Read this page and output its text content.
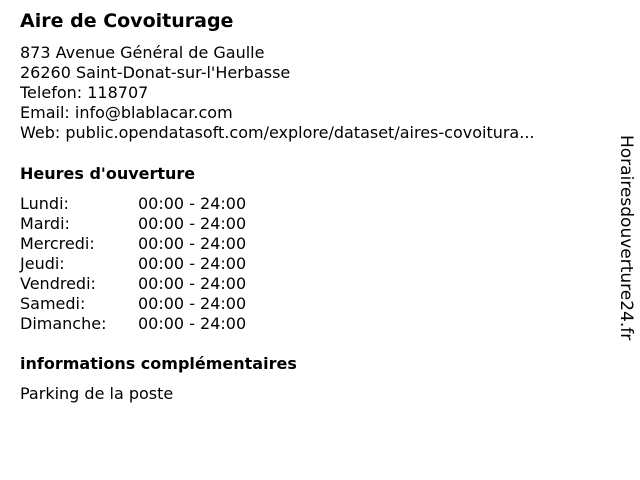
Aire de Covoiturage
873 Avenue Général de Gaulle
26260 Saint-Donat-sur-l'Herbasse
Telefon: 118707
Email: info@blablacar.com
Web: public.opendatasoft.com/explore/dataset/aires-covoitura...
Heures d'ouverture
Lundi:	00:00 - 24:00
Mardi:	00:00 - 24:00
Mercredi:	00:00 - 24:00
Jeudi:	00:00 - 24:00
Vendredi:	00:00 - 24:00
Samedi:	00:00 - 24:00
Dimanche: 00:00 - 24:00
informations complémentaires
Parking de la poste
Horairesdouverture24.fr
